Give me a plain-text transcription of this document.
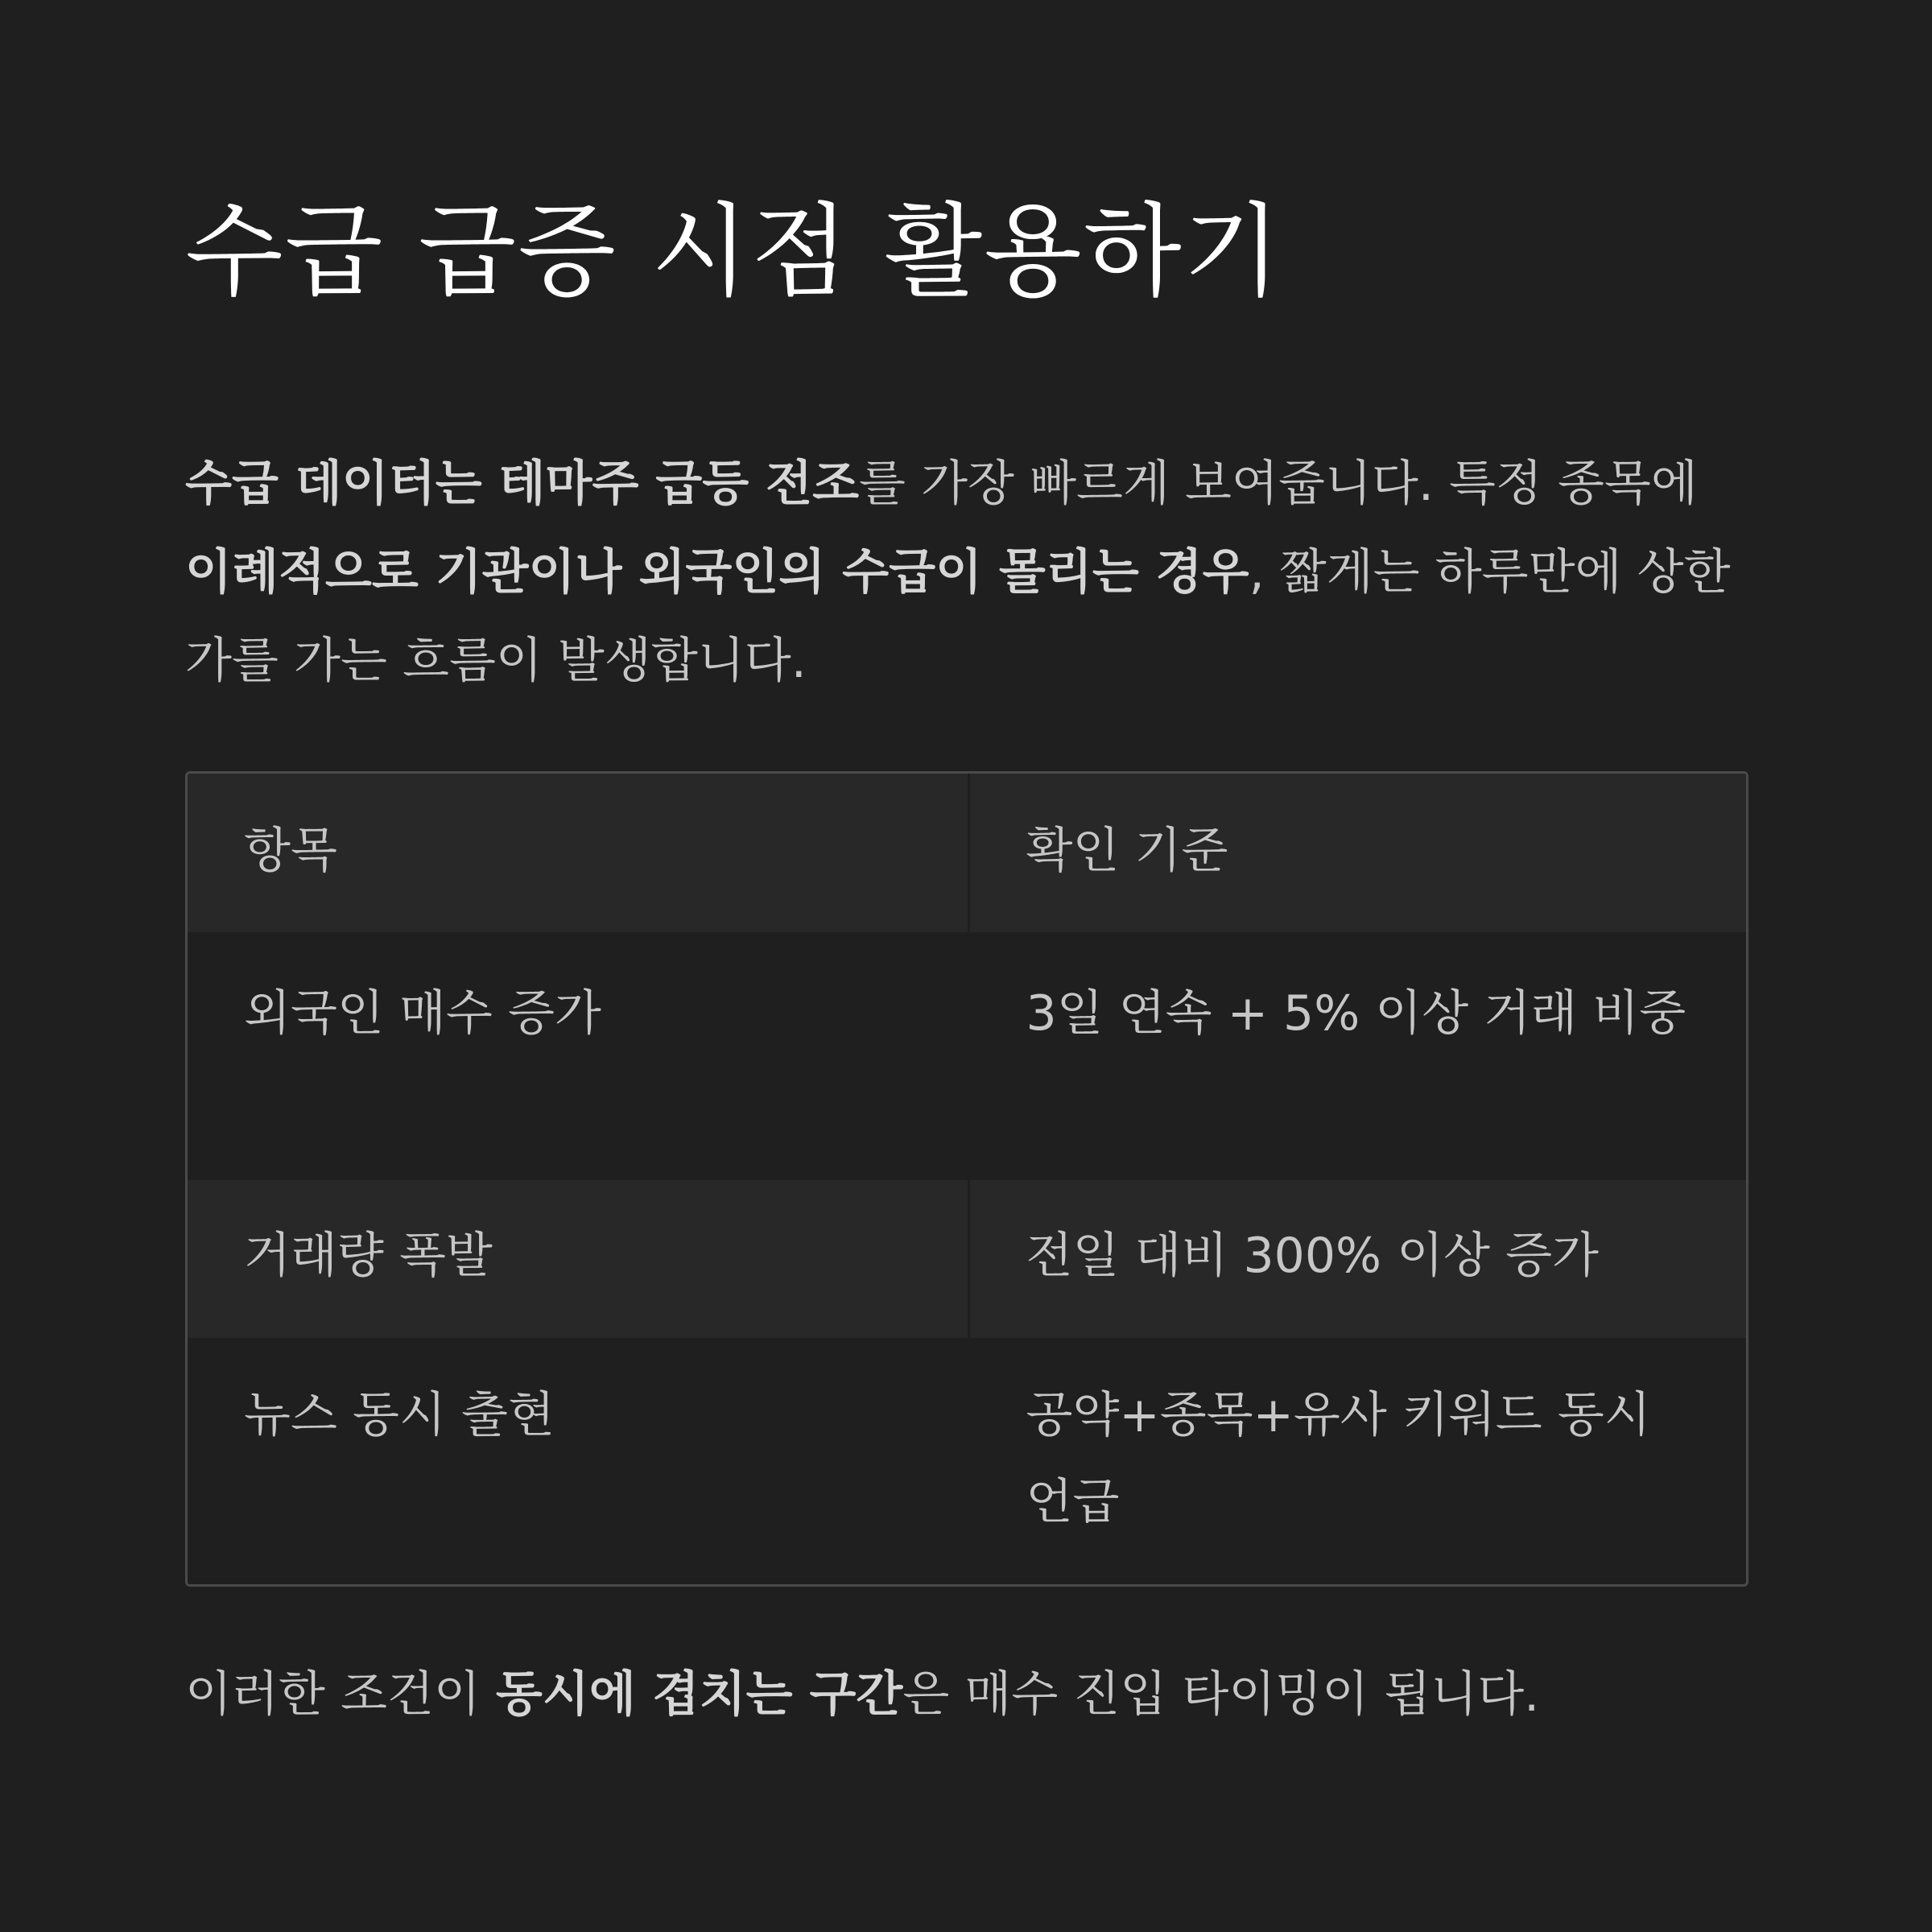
수급 급증 시점 활용하기

수급 데이터는 테마주 급등 전조를 가장 빠르게 보여줍니다. 특정 종목에 이례적으로 기관이나 외국인의 수급이 몰리는 경우, 짧게는 하루만에 상한가를 가는 흐름이 발생합니다.

항목	확인 기준
외국인 매수 증가	3일 연속 + 5% 이상 거래 비중
거래량 폭발	전일 대비 300% 이상 증가
뉴스 동시 출현	공약+종목+유사 키워드 동시 언급

이러한 조건이 동시에 겹치는 구간은 매수 진입 타이밍이 됩니다.
